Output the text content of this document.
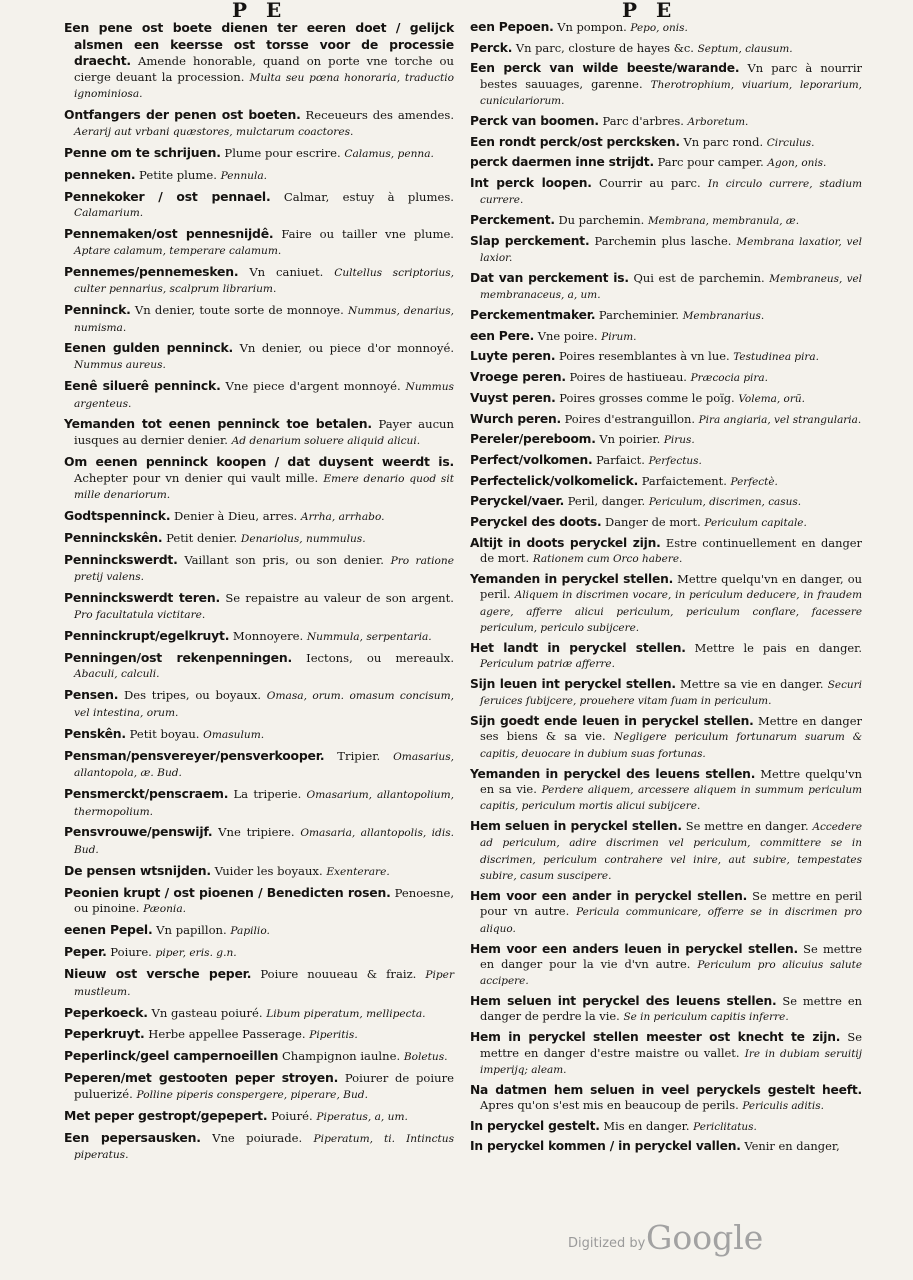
P E	P E

Een pene ost boete dienen ter eeren doet / gelijck alsmen een keersse ost torsse voor de processie draecht. Amende honorable, quand on porte vne torche ou cierge deuant la procession. Multa seu pœna honoraria, traductio ignominiosa.

Ontfangers der penen ost boeten. Receueurs des amendes. Aerarij aut vrbani quæstores, mulctarum coactores.

Penne om te schrijuen. Plume pour escrire. Calamus, penna.

penneken. Petite plume. Pennula.

Pennekoker / ost pennael. Calmar, estuy à plumes. Calamarium.

Pennemaken/ost pennesnijdê. Faire ou tailler vne plume. Aptare calamum, temperare calamum.

Pennemes/pennemesken. Vn caniuet. Cultellus scriptorius, culter pennarius, scalprum librarium.

Penninck. Vn denier, toute sorte de monnoye. Nummus, denarius, numisma.

Eenen gulden penninck. Vn denier, ou piece d'or monnoyé. Nummus aureus.

Eenê siluerê penninck. Vne piece d'argent monnoyé. Nummus argenteus.

Yemanden tot eenen penninck toe betalen. Payer aucun iusques au dernier denier. Ad denarium soluere aliquid alicui.

Om eenen penninck koopen / dat duysent weerdt is. Achepter pour vn denier qui vault mille. Emere denario quod sit mille denariorum.

Godtspenninck. Denier à Dieu, arres. Arrha, arrhabo.

Penninckskên. Petit denier. Denariolus, nummulus.

Penninckswerdt. Vaillant son pris, ou son denier. Pro ratione pretij valens.

Penninckswerdt teren. Se repaistre au valeur de son argent. Pro facultatula victitare.

Penninckrupt/egelkruyt. Monnoyere. Nummula, serpentaria.

Penningen/ost rekenpenningen. Iectons, ou mereaulx. Abaculi, calculi.

Pensen. Des tripes, ou boyaux. Omasa, orum. omasum concisum, vel intestina, orum.

Penskên. Petit boyau. Omasulum.

Pensman/pensvereyer/pensverkooper. Tripier. Omasarius, allantopola, æ. Bud.

Pensmerckt/penscraem. La triperie. Omasarium, allantopolium, thermopolium.

Pensvrouwe/penswijf. Vne tripiere. Omasaria, allantopolis, idis. Bud.

De pensen wtsnijden. Vuider les boyaux. Exenterare.

Peonien krupt / ost pioenen / Benedicten rosen. Penoesne, ou pinoine. Pæonia.

eenen Pepel. Vn papillon. Papilio.

Peper. Poiure. piper, eris. g.n.

Nieuw ost versche peper. Poiure nouueau & fraiz. Piper mustleum.

Peperkoeck. Vn gasteau poiuré. Libum piperatum, mellipecta.

Peperkruyt. Herbe appellee Passerage. Piperitis.

Peperlinck/geel campernoeillen Champignon iaulne. Boletus.

Peperen/met gestooten peper stroyen. Poiurer de poiure puluerizé. Polline piperis conspergere, piperare, Bud.

Met peper gestropt/gepepert. Poiuré. Piperatus, a, um.

Een pepersausken. Vne poiurade. Piperatum, ti. Intinctus piperatus.

een Pepoen. Vn pompon. Pepo, onis.

Perck. Vn parc, closture de hayes &c. Septum, clausum.

Een perck van wilde beeste/warande. Vn parc à nourrir bestes sauuages, garenne. Therotrophium, viuarium, leporarium, cuniculariorum.

Perck van boomen. Parc d'arbres. Arboretum.

Een rondt perck/ost percksken. Vn parc rond. Circulus.

perck daermen inne strijdt. Parc pour camper. Agon, onis.

Int perck loopen. Courrir au parc. In circulo currere, stadium currere.

Perckement. Du parchemin. Membrana, membranula, æ.

Slap perckement. Parchemin plus lasche. Membrana laxatior, vel laxior.

Dat van perckement is. Qui est de parchemin. Membraneus, vel membranaceus, a, um.

Perckementmaker. Parcheminier. Membranarius.

een Pere. Vne poire. Pirum.

Luyte peren. Poires resemblantes à vn lue. Testudinea pira.

Vroege peren. Poires de hastiueau. Præcocia pira.

Vuyst peren. Poires grosses comme le poïg. Volema, orũ.

Wurch peren. Poires d'estranguillon. Pira angiaria, vel strangularia.

Pereler/pereboom. Vn poirier. Pirus.

Perfect/volkomen. Parfaict. Perfectus.

Perfectelick/volkomelick. Parfaictement. Perfectè.

Peryckel/vaer. Peril, danger. Periculum, discrimen, casus.

Peryckel des doots. Danger de mort. Periculum capitale.

Altijt in doots peryckel zijn. Estre continuellement en danger de mort. Rationem cum Orco habere.

Yemanden in peryckel stellen. Mettre quelqu'vn en danger, ou peril. Aliquem in discrimen vocare, in periculum deducere, in fraudem agere, afferre alicui periculum, periculum conflare, facessere periculum, periculo subijcere.

Het landt in peryckel stellen. Mettre le pais en danger. Periculum patriæ afferre.

Sijn leuen int peryckel stellen. Mettre sa vie en danger. Securi ſeruices ſubijcere, prouehere vitam ſuam in periculum.

Sijn goedt ende leuen in peryckel stellen. Mettre en danger ses biens & sa vie. Negligere periculum fortunarum suarum & capitis, deuocare in dubium suas fortunas.

Yemanden in peryckel des leuens stellen. Mettre quelqu'vn en sa vie. Perdere aliquem, arcessere aliquem in summum periculum capitis, periculum mortis alicui subijcere.

Hem seluen in peryckel stellen. Se mettre en danger. Accedere ad periculum, adire discrimen vel periculum, committere se in discrimen, periculum contrahere vel inire, aut subire, tempestates subire, casum suscipere.

Hem voor een ander in peryckel stellen. Se mettre en peril pour vn autre. Pericula communicare, offerre se in discrimen pro aliquo.

Hem voor een anders leuen in peryckel stellen. Se mettre en danger pour la vie d'vn autre. Periculum pro alicuius salute accipere.

Hem seluen int peryckel des leuens stellen. Se mettre en danger de perdre la vie. Se in periculum capitis inferre.

Hem in peryckel stellen meester ost knecht te zijn. Se mettre en danger d'estre maistre ou vallet. Ire in dubiam seruitij imperijq; aleam.

Na datmen hem seluen in veel peryckels gestelt heeft. Apres qu'on s'est mis en beaucoup de perils. Periculis aditis.

In peryckel gestelt. Mis en danger. Periclitatus.

In peryckel kommen / in peryckel vallen. Venir en danger,

Digitized by Google
